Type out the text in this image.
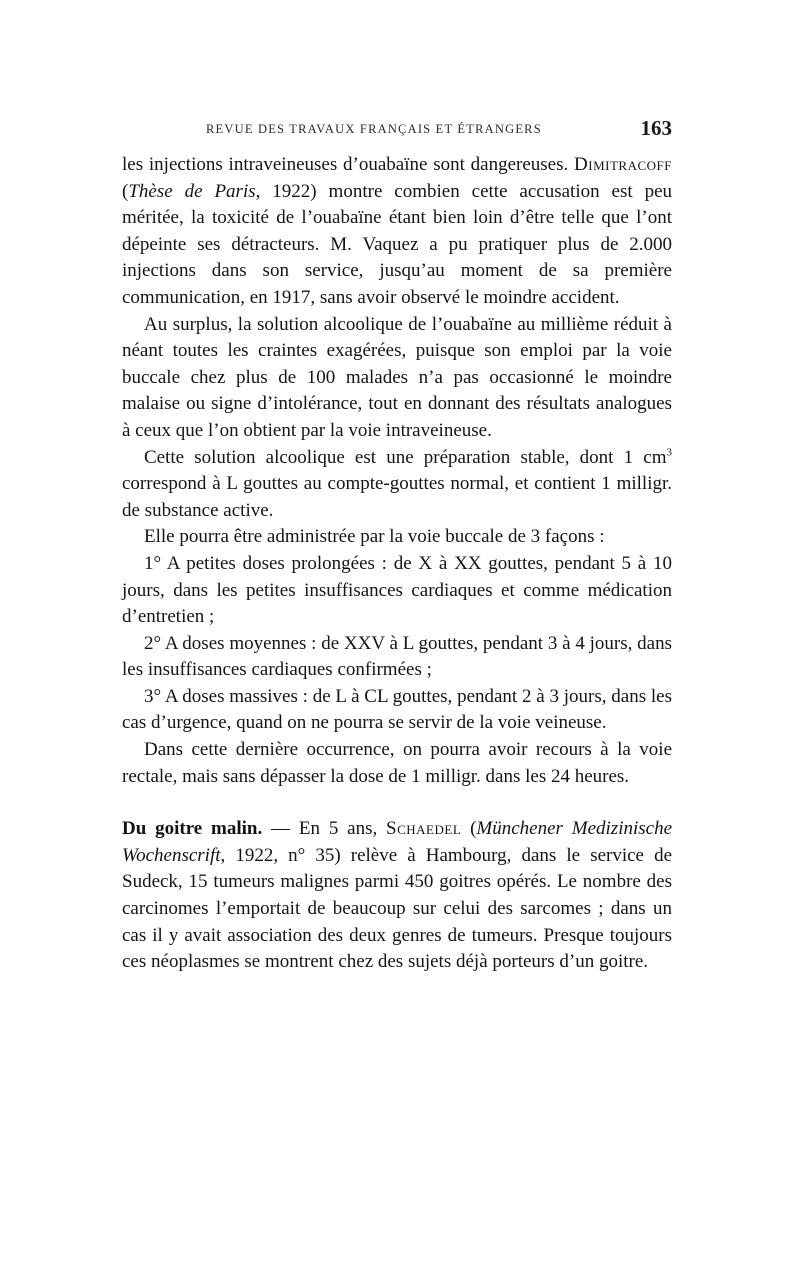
REVUE DES TRAVAUX FRANÇAIS ET ÉTRANGERS	163

les injections intraveineuses d’ouabaïne sont dangereuses. Dimitracoff (Thèse de Paris, 1922) montre combien cette accusation est peu méritée, la toxicité de l’ouabaïne étant bien loin d’être telle que l’ont dépeinte ses détracteurs. M. Vaquez a pu pratiquer plus de 2.000 injections dans son service, jusqu’au moment de sa première communication, en 1917, sans avoir observé le moindre accident.

Au surplus, la solution alcoolique de l’ouabaïne au millième réduit à néant toutes les craintes exagérées, puisque son emploi par la voie buccale chez plus de 100 malades n’a pas occasionné le moindre malaise ou signe d’intolérance, tout en donnant des résultats analogues à ceux que l’on obtient par la voie intraveineuse.

Cette solution alcoolique est une préparation stable, dont 1 $cm^3$ correspond à L gouttes au compte-gouttes normal, et contient 1 milligr. de substance active.

Elle pourra être administrée par la voie buccale de 3 façons :

1° A petites doses prolongées : de X à XX gouttes, pendant 5 à 10 jours, dans les petites insuffisances cardiaques et comme médication d’entretien ;

2° A doses moyennes : de XXV à L gouttes, pendant 3 à 4 jours, dans les insuffisances cardiaques confirmées ;

3° A doses massives : de L à CL gouttes, pendant 2 à 3 jours, dans les cas d’urgence, quand on ne pourra se servir de la voie veineuse.

Dans cette dernière occurrence, on pourra avoir recours à la voie rectale, mais sans dépasser la dose de 1 milligr. dans les 24 heures.

Du goitre malin. — En 5 ans, Schaedel (Münchener Medizinische Wochenscrift, 1922, n° 35) relève à Hambourg, dans le service de Sudeck, 15 tumeurs malignes parmi 450 goitres opérés. Le nombre des carcinomes l’emportait de beaucoup sur celui des sarcomes ; dans un cas il y avait association des deux genres de tumeurs. Presque toujours ces néoplasmes se montrent chez des sujets déjà porteurs d’un goitre.
